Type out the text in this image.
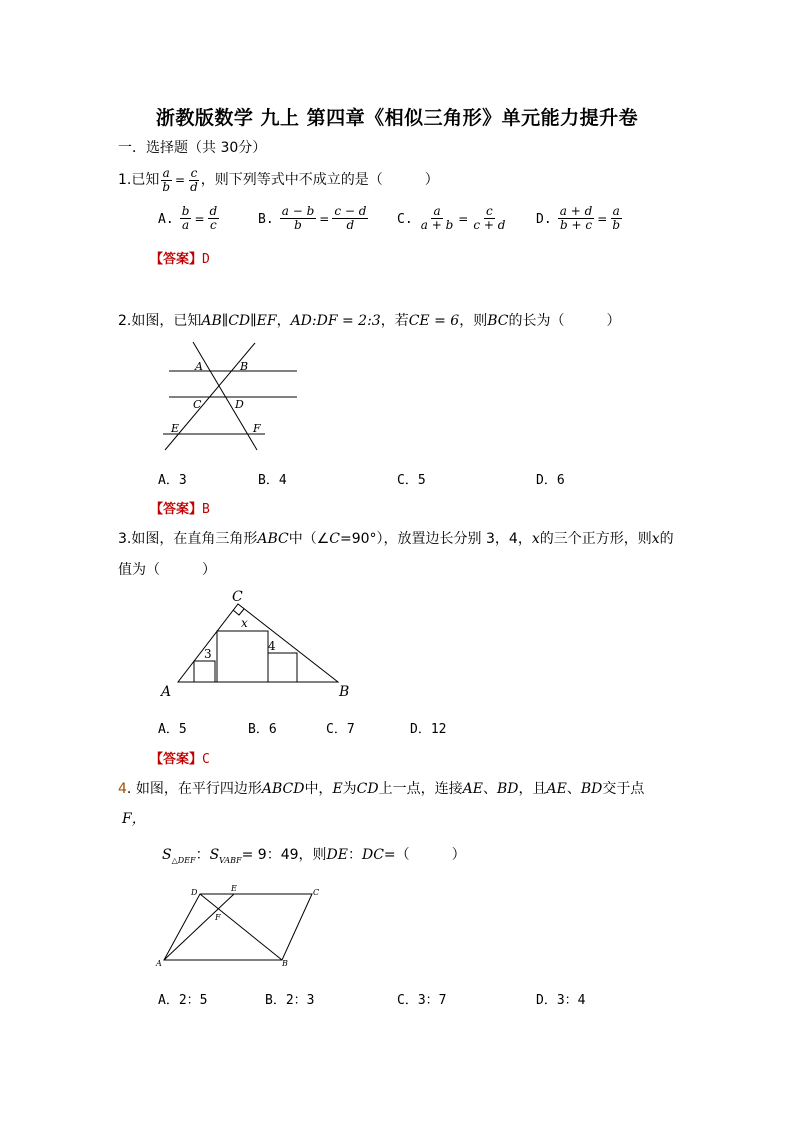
浙教版数学 九上 第四章《相似三角形》单元能力提升卷
一．选择题（共 30分）
1.已知 $\frac{a}{b} = \frac{c}{d}$ ，则下列等式中不成立的是（　　　）
A. $\frac{b}{a} = \frac{d}{c}$	B. $\frac{a - b}{b} = \frac{c - d}{d} C$. $\frac{a}{a + b} = \frac{c}{c + d} D$. $\frac{a + d}{b + c} = \frac{a}{b}$
【答案】D
2.如图，已知AB∥CD∥EF，AD:DF = 2:3，若CE = 6，则BC的长为（　　　）
A	B
C	D
E	F
A．3	B．4	C．5	D．6
【答案】B
3.如图，在直角三角形ABC中（∠C=90°），放置边长分别 3，4，x的三个正方形，则x的
值为（　　　）
A	B
C
3
4
x
A．5	B．6	C．7	D．12
【答案】C
4. 如图，在平行四边形ABCD中，E为CD上一点，连接AE、BD，且AE、BD交于点
F，
$S_{\triangle DEF}$：$S_{VABF}= 9$：49，则DE：DC=（　　　）
A	B
C
D	E
F
A．2：5	B．2：3	C．3：7	D．3：4
